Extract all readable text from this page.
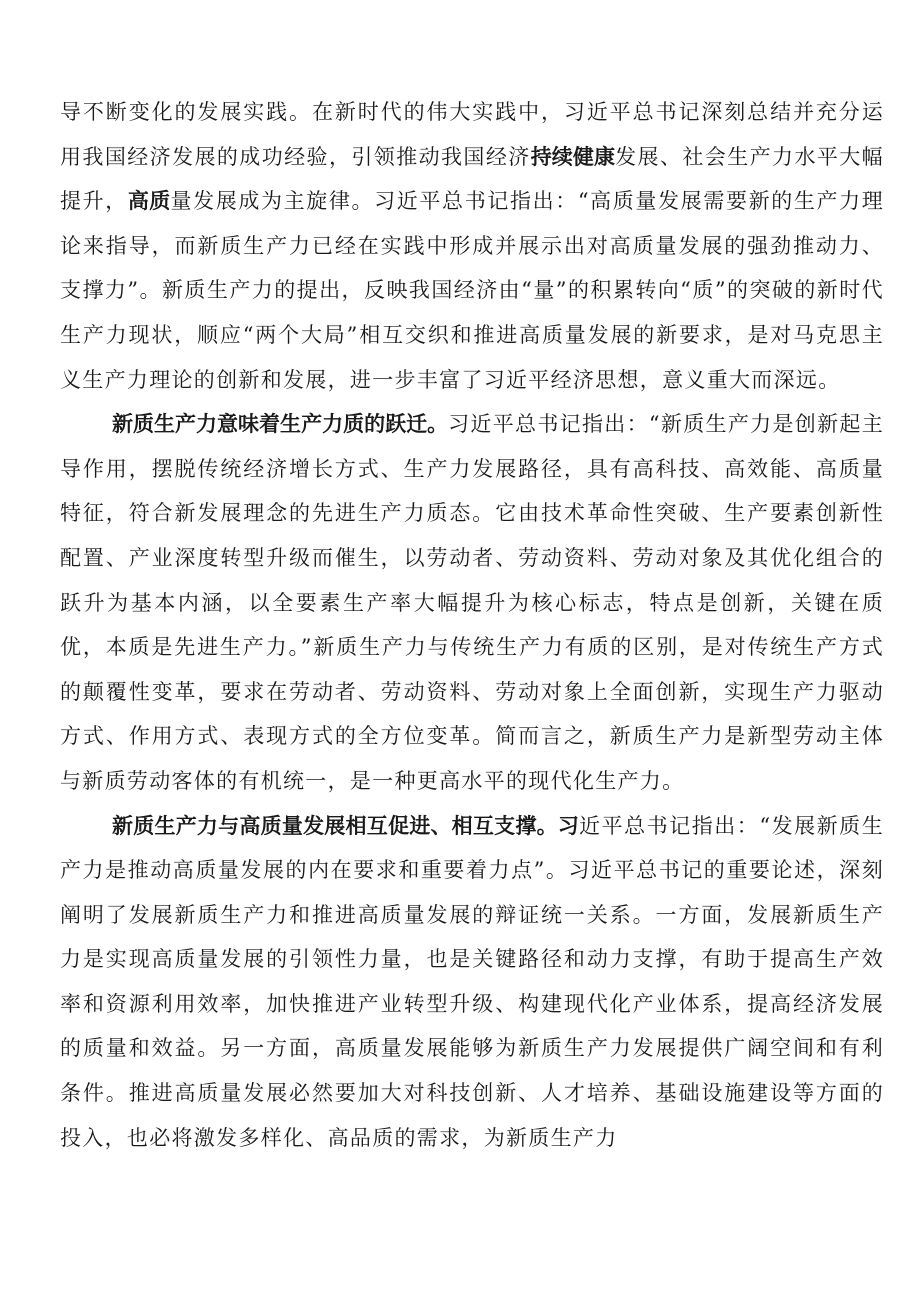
导不断变化的发展实践。在新时代的伟大实践中，习近平总书记深刻总结并充分运用我国经济发展的成功经验，引领推动我国经济持续健康发展、社会生产力水平大幅提升，高质量发展成为主旋律。习近平总书记指出：“高质量发展需要新的生产力理论来指导，而新质生产力已经在实践中形成并展示出对高质量发展的强劲推动力、支撑力”。新质生产力的提出，反映我国经济由“量”的积累转向“质”的突破的新时代生产力现状，顺应“两个大局”相互交织和推进高质量发展的新要求，是对马克思主义生产力理论的创新和发展，进一步丰富了习近平经济思想，意义重大而深远。

新质生产力意味着生产力质的跃迁。习近平总书记指出：“新质生产力是创新起主导作用，摆脱传统经济增长方式、生产力发展路径，具有高科技、高效能、高质量特征，符合新发展理念的先进生产力质态。它由技术革命性突破、生产要素创新性配置、产业深度转型升级而催生，以劳动者、劳动资料、劳动对象及其优化组合的跃升为基本内涵，以全要素生产率大幅提升为核心标志，特点是创新，关键在质优，本质是先进生产力。”新质生产力与传统生产力有质的区别，是对传统生产方式的颠覆性变革，要求在劳动者、劳动资料、劳动对象上全面创新，实现生产力驱动方式、作用方式、表现方式的全方位变革。简而言之，新质生产力是新型劳动主体与新质劳动客体的有机统一，是一种更高水平的现代化生产力。

新质生产力与高质量发展相互促进、相互支撑。习近平总书记指出：“发展新质生产力是推动高质量发展的内在要求和重要着力点”。习近平总书记的重要论述，深刻阐明了发展新质生产力和推进高质量发展的辩证统一关系。一方面，发展新质生产力是实现高质量发展的引领性力量，也是关键路径和动力支撑，有助于提高生产效率和资源利用效率，加快推进产业转型升级、构建现代化产业体系，提高经济发展的质量和效益。另一方面，高质量发展能够为新质生产力发展提供广阔空间和有利条件。推进高质量发展必然要加大对科技创新、人才培养、基础设施建设等方面的投入，也必将激发多样化、高品质的需求，为新质生产力
